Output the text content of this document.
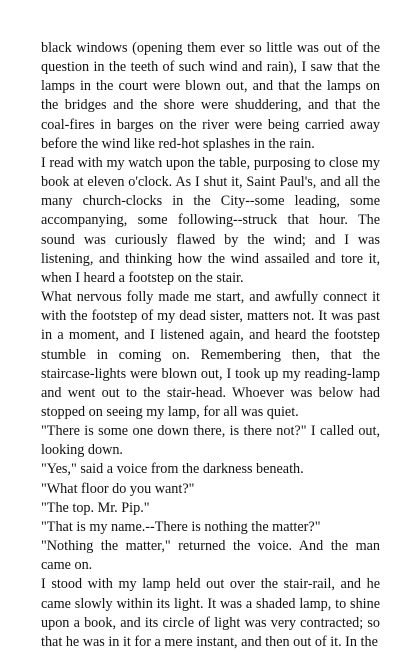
black windows (opening them ever so little was out of the question in the teeth of such wind and rain), I saw that the lamps in the court were blown out, and that the lamps on the bridges and the shore were shuddering, and that the coal-fires in barges on the river were being carried away before the wind like red-hot splashes in the rain.

I read with my watch upon the table, purposing to close my book at eleven o'clock. As I shut it, Saint Paul's, and all the many church-clocks in the City--some leading, some accompanying, some following--struck that hour. The sound was curiously flawed by the wind; and I was listening, and thinking how the wind assailed and tore it, when I heard a footstep on the stair.

What nervous folly made me start, and awfully connect it with the footstep of my dead sister, matters not. It was past in a moment, and I listened again, and heard the footstep stumble in coming on. Remembering then, that the staircase-lights were blown out, I took up my reading-lamp and went out to the stair-head. Whoever was below had stopped on seeing my lamp, for all was quiet.

"There is some one down there, is there not?" I called out, looking down.

"Yes," said a voice from the darkness beneath.

"What floor do you want?"

"The top. Mr. Pip."

"That is my name.--There is nothing the matter?"

"Nothing the matter," returned the voice. And the man came on.

I stood with my lamp held out over the stair-rail, and he came slowly within its light. It was a shaded lamp, to shine upon a book, and its circle of light was very contracted; so that he was in it for a mere instant, and then out of it. In the
